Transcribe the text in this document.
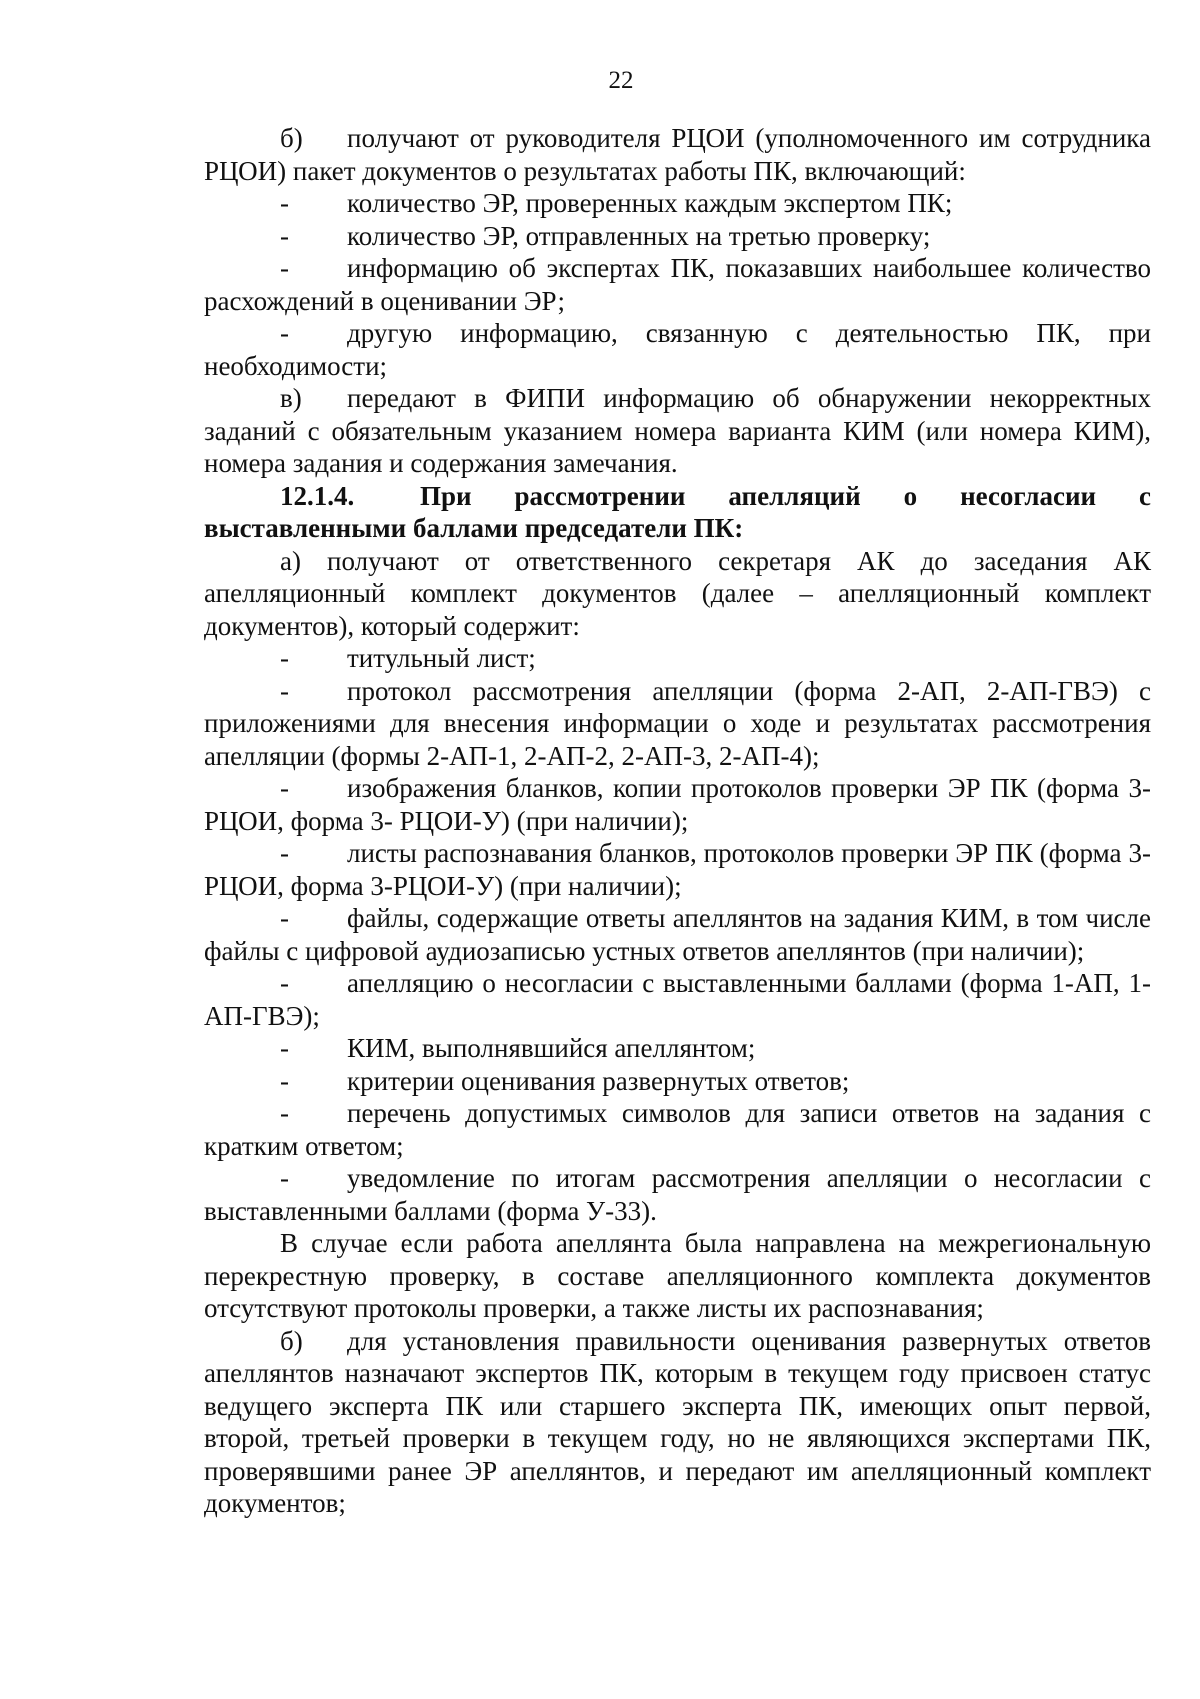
22

б) получают от руководителя РЦОИ (уполномоченного им сотрудника РЦОИ) пакет документов о результатах работы ПК, включающий:

- количество ЭР, проверенных каждым экспертом ПК;

- количество ЭР, отправленных на третью проверку;

- информацию об экспертах ПК, показавших наибольшее количество расхождений в оценивании ЭР;

- другую информацию, связанную с деятельностью ПК, при необходимости;

в) передают в ФИПИ информацию об обнаружении некорректных заданий с обязательным указанием номера варианта КИМ (или номера КИМ), номера задания и содержания замечания.

12.1.4. При рассмотрении апелляций о несогласии с выставленными баллами председатели ПК:

а) получают от ответственного секретаря АК до заседания АК апелляционный комплект документов (далее – апелляционный комплект документов), который содержит:

- титульный лист;

- протокол рассмотрения апелляции (форма 2-АП, 2-АП-ГВЭ) с приложениями для внесения информации о ходе и результатах рассмотрения апелляции (формы 2-АП-1, 2-АП-2, 2-АП-3, 2-АП-4);

- изображения бланков, копии протоколов проверки ЭР ПК (форма 3-РЦОИ, форма 3- РЦОИ-У) (при наличии);

- листы распознавания бланков, протоколов проверки ЭР ПК (форма 3-РЦОИ, форма 3-РЦОИ-У) (при наличии);

- файлы, содержащие ответы апеллянтов на задания КИМ, в том числе файлы с цифровой аудиозаписью устных ответов апеллянтов (при наличии);

- апелляцию о несогласии с выставленными баллами (форма 1-АП, 1-АП-ГВЭ);

- КИМ, выполнявшийся апеллянтом;

- критерии оценивания развернутых ответов;

- перечень допустимых символов для записи ответов на задания с кратким ответом;

- уведомление по итогам рассмотрения апелляции о несогласии с выставленными баллами (форма У-33).

В случае если работа апеллянта была направлена на межрегиональную перекрестную проверку, в составе апелляционного комплекта документов отсутствуют протоколы проверки, а также листы их распознавания;

б) для установления правильности оценивания развернутых ответов апеллянтов назначают экспертов ПК, которым в текущем году присвоен статус ведущего эксперта ПК или старшего эксперта ПК, имеющих опыт первой, второй, третьей проверки в текущем году, но не являющихся экспертами ПК, проверявшими ранее ЭР апеллянтов, и передают им апелляционный комплект документов;
